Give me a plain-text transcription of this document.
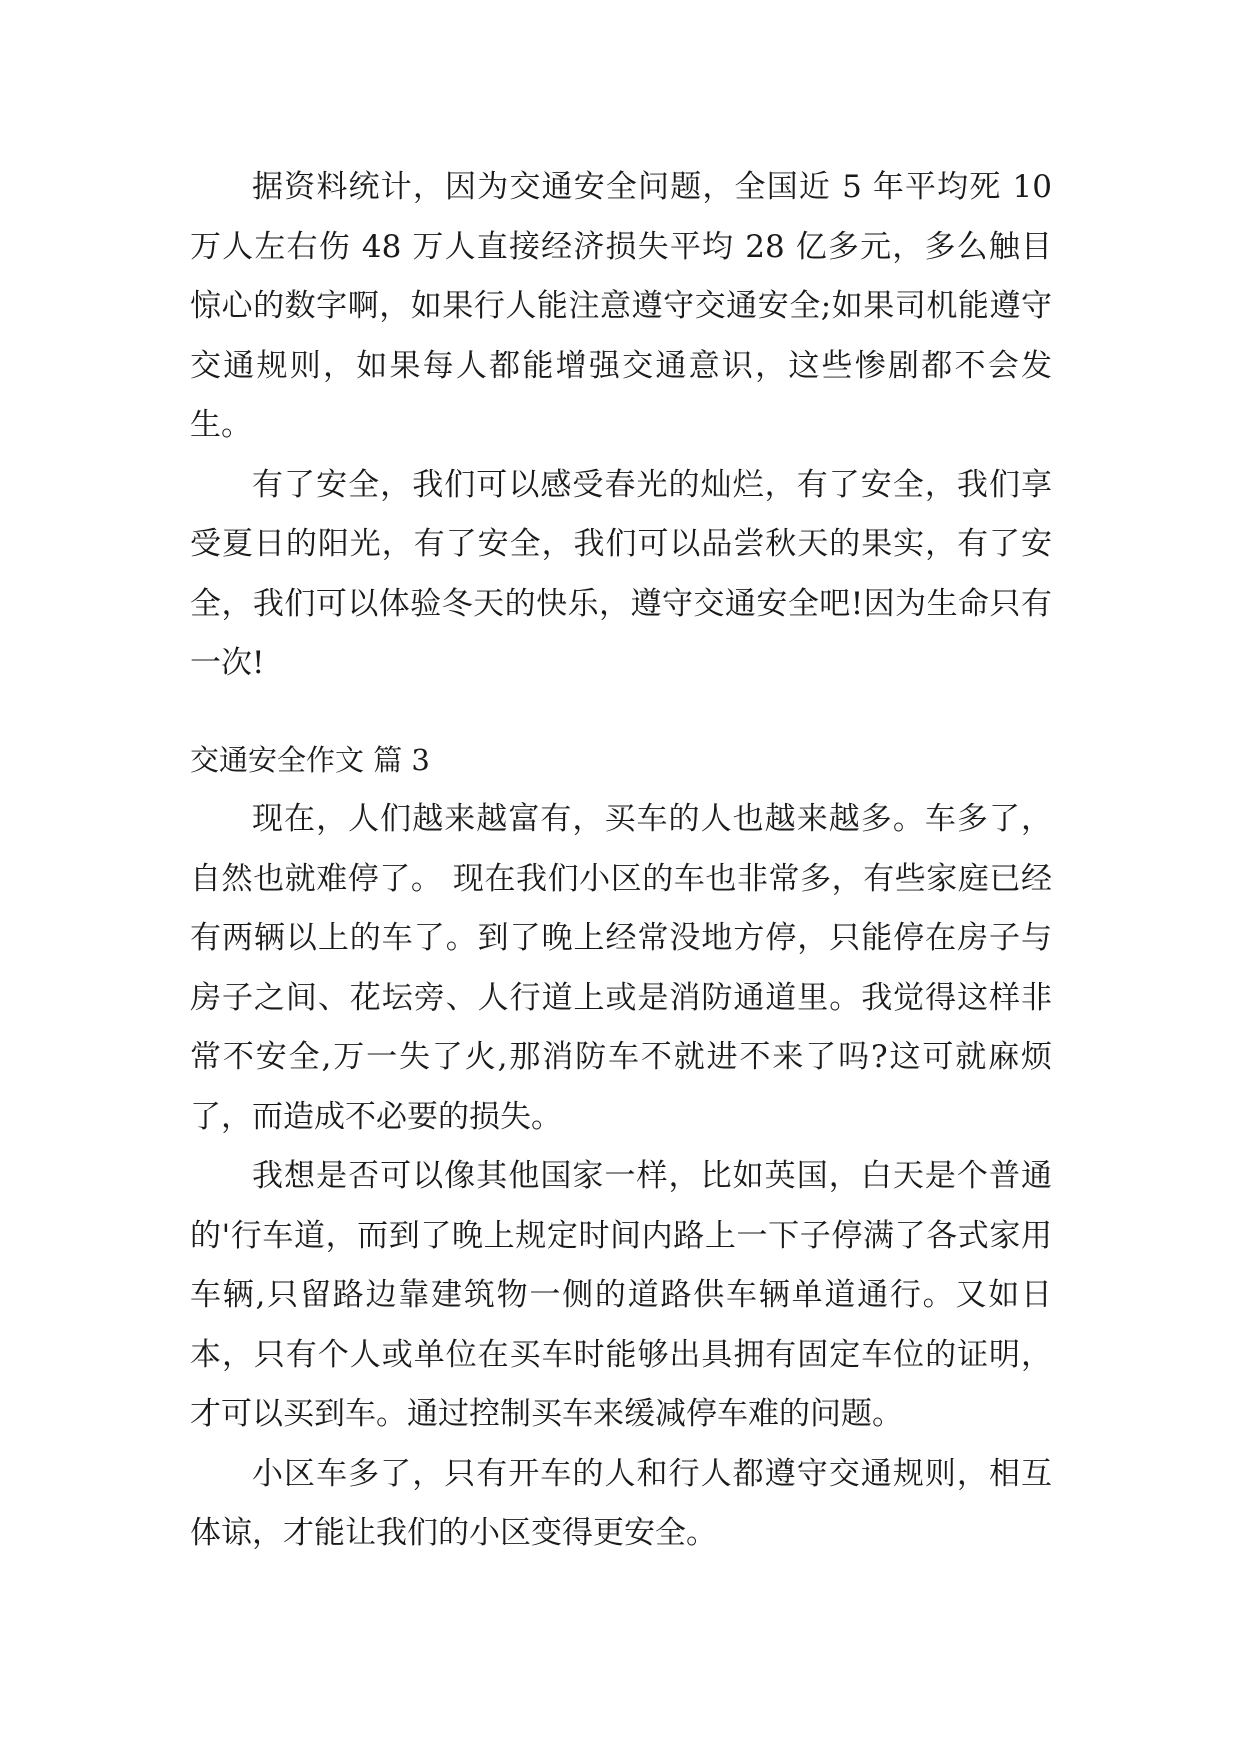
据资料统计，因为交通安全问题，全国近 5 年平均死 10 万人左右伤 48 万人直接经济损失平均 28 亿多元，多么触目惊心的数字啊，如果行人能注意遵守交通安全;如果司机能遵守交通规则，如果每人都能增强交通意识，这些惨剧都不会发生。

有了安全，我们可以感受春光的灿烂，有了安全，我们享受夏日的阳光，有了安全，我们可以品尝秋天的果实，有了安全，我们可以体验冬天的快乐，遵守交通安全吧!因为生命只有一次!

交通安全作文 篇 3

现在，人们越来越富有，买车的人也越来越多。车多了，自然也就难停了。 现在我们小区的车也非常多，有些家庭已经有两辆以上的车了。到了晚上经常没地方停，只能停在房子与房子之间、花坛旁、人行道上或是消防通道里。我觉得这样非常不安全,万一失了火,那消防车不就进不来了吗?这可就麻烦了，而造成不必要的损失。

我想是否可以像其他国家一样，比如英国，白天是个普通的'行车道，而到了晚上规定时间内路上一下子停满了各式家用车辆,只留路边靠建筑物一侧的道路供车辆单道通行。又如日本，只有个人或单位在买车时能够出具拥有固定车位的证明，才可以买到车。通过控制买车来缓减停车难的问题。

小区车多了，只有开车的人和行人都遵守交通规则，相互体谅，才能让我们的小区变得更安全。
